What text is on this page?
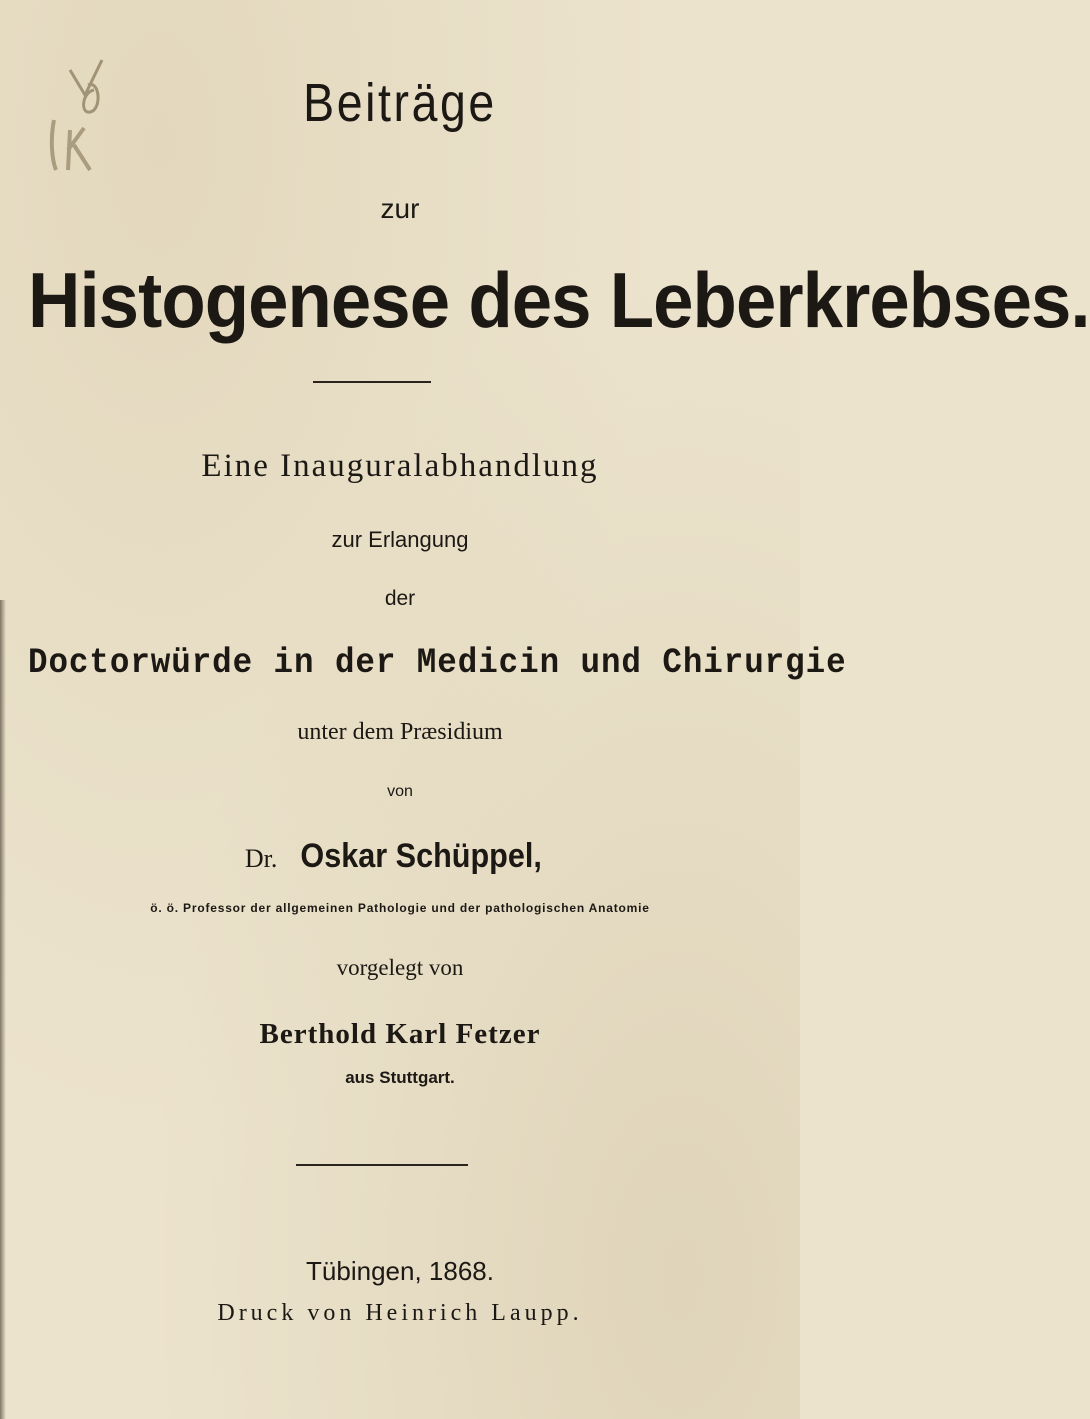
Beiträge
zur
Histogenese des Leberkrebses.
Eine Inauguralabhandlung
zur Erlangung
der
Doctorwürde in der Medicin und Chirurgie
unter dem Præsidium
von
Dr. Oskar Schüppel,
ö. ö. Professor der allgemeinen Pathologie und der pathologischen Anatomie
vorgelegt von
Berthold Karl Fetzer
aus Stuttgart.
Tübingen, 1868.
Druck von Heinrich Laupp.
